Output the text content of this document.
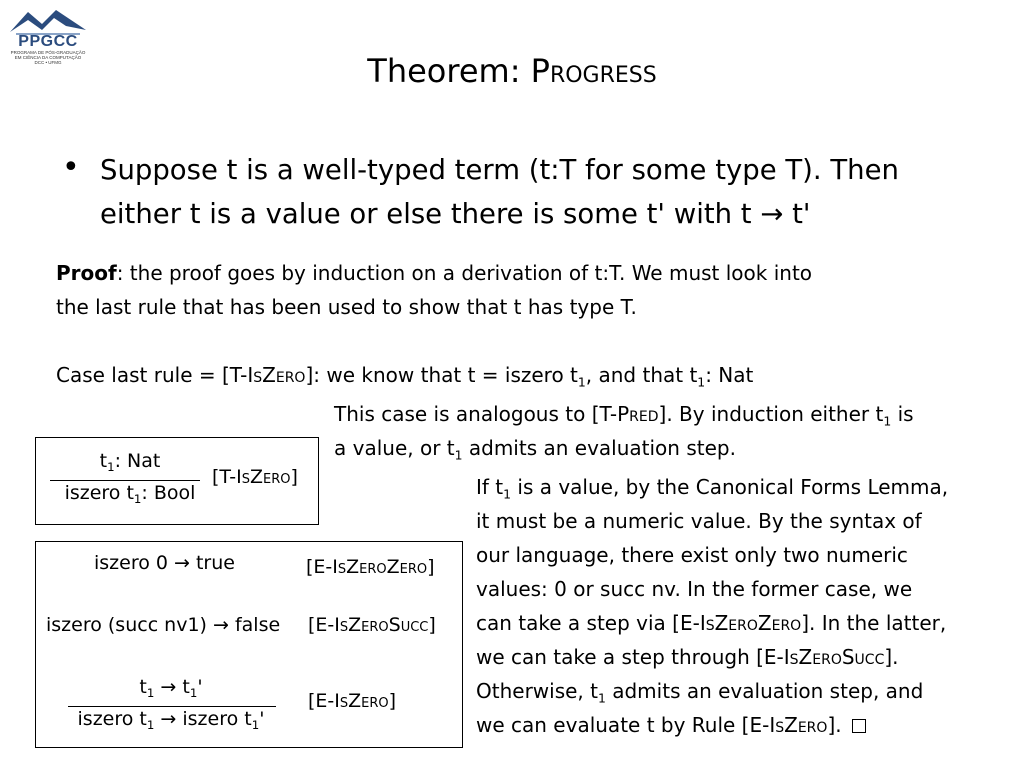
PPGCC
PROGRAMA DE PÓS-GRADUAÇÃO
EM CIÊNCIA DA COMPUTAÇÃO
DCC • UFMG	Theorem: Progress
• Suppose t is a well-typed term (t:T for some type T). Then
either t is a value or else there is some t' with t → t'
Proof: the proof goes by induction on a derivation of t:T. We must look into
the last rule that has been used to show that t has type T.
Case last rule = [T-IsZero]: we know that t = iszero $t_1$, and that $t_1$: Nat
This case is analogous to [T-Pred]. By induction either $t_1$ is
a value, or $t_1$ admits an evaluation step.
If $t_1$ is a value, by the Canonical Forms Lemma,
it must be a numeric value. By the syntax of
our language, there exist only two numeric
values: 0 or succ nv. In the former case, we
can take a step via [E-IsZeroZero]. In the latter,
we can take a step through [E-IsZeroSucc].
Otherwise, $t_1$ admits an evaluation step, and
we can evaluate t by Rule [E-IsZero].
$t_1$: Nat
iszero $t_1$: Bool
[T-IsZero]
iszero 0 → true	[E-IsZeroZero]
iszero (succ nv1) → false [E-IsZeroSucc]
$t_1 \to t_1'$
iszero $t_1$ → iszero $t_1'$
[E-IsZero]
